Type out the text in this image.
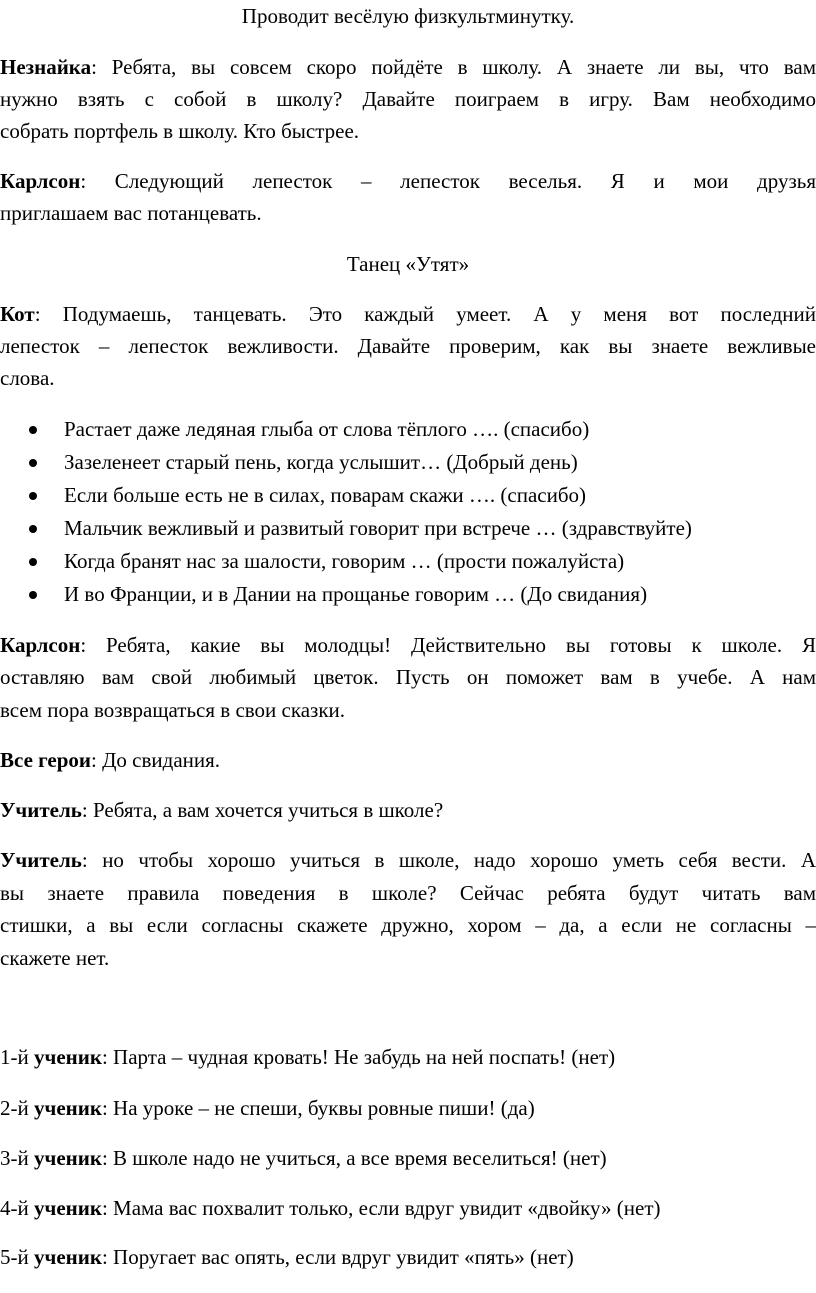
Проводит весёлую физкультминутку.
Незнайка: Ребята, вы совсем скоро пойдёте в школу. А знаете ли вы, что вам
нужно взять с собой в школу? Давайте поиграем в игру. Вам необходимо
собрать портфель в школу. Кто быстрее.
Карлсон: Следующий лепесток – лепесток веселья. Я и мои друзья
приглашаем вас потанцевать.
Танец «Утят»
Кот: Подумаешь, танцевать. Это каждый умеет. А у меня вот последний
лепесток – лепесток вежливости. Давайте проверим, как вы знаете вежливые
слова.
Растает даже ледяная глыба от слова тёплого …. (спасибо)
Зазеленеет старый пень, когда услышит… (Добрый день)
Если больше есть не в силах, поварам скажи …. (спасибо)
Мальчик вежливый и развитый говорит при встрече … (здравствуйте)
Когда бранят нас за шалости, говорим … (прости пожалуйста)
И во Франции, и в Дании на прощанье говорим … (До свидания)
Карлсон: Ребята, какие вы молодцы! Действительно вы готовы к школе. Я
оставляю вам свой любимый цветок. Пусть он поможет вам в учебе. А нам
всем пора возвращаться в свои сказки.
Все герои: До свидания.
Учитель: Ребята, а вам хочется учиться в школе?
Учитель: но чтобы хорошо учиться в школе, надо хорошо уметь себя вести. А
вы знаете правила поведения в школе? Сейчас ребята будут читать вам
стишки, а вы если согласны скажете дружно, хором – да, а если не согласны –
скажете нет.
1-й ученик: Парта – чудная кровать! Не забудь на ней поспать! (нет)
2-й ученик: На уроке – не спеши, буквы ровные пиши! (да)
3-й ученик: В школе надо не учиться, а все время веселиться! (нет)
4-й ученик: Мама вас похвалит только, если вдруг увидит «двойку» (нет)
5-й ученик: Поругает вас опять, если вдруг увидит «пять» (нет)
